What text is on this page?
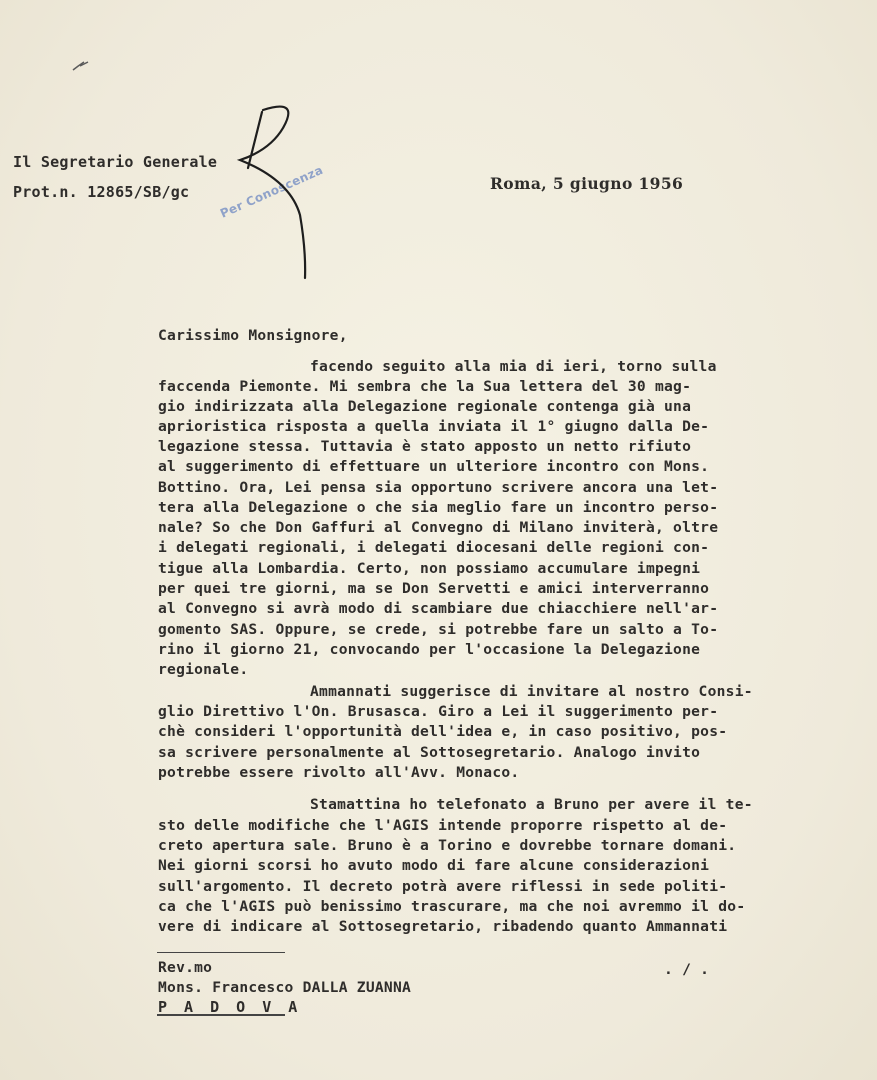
Il Segretario Generale
Prot.n. 12865/SB/gc	Roma, 5 giugno 1956
Per Conoscenza
Carissimo Monsignore,
facendo seguito alla mia di ieri, torno sulla
faccenda Piemonte. Mi sembra che la Sua lettera del 30 mag-
gio indirizzata alla Delegazione regionale contenga già una
aprioristica risposta a quella inviata il 1° giugno dalla De-
legazione stessa. Tuttavia è stato apposto un netto rifiuto
al suggerimento di effettuare un ulteriore incontro con Mons.
Bottino. Ora, Lei pensa sia opportuno scrivere ancora una let-
tera alla Delegazione o che sia meglio fare un incontro perso-
nale? So che Don Gaffuri al Convegno di Milano inviterà, oltre
i delegati regionali, i delegati diocesani delle regioni con-
tigue alla Lombardia. Certo, non possiamo accumulare impegni
per quei tre giorni, ma se Don Servetti e amici interverranno
al Convegno si avrà modo di scambiare due chiacchiere nell'ar-
gomento SAS. Oppure, se crede, si potrebbe fare un salto a To-
rino il giorno 21, convocando per l'occasione la Delegazione
regionale.
Ammannati suggerisce di invitare al nostro Consi-
glio Direttivo l'On. Brusasca. Giro a Lei il suggerimento per-
chè consideri l'opportunità dell'idea e, in caso positivo, pos-
sa scrivere personalmente al Sottosegretario. Analogo invito
potrebbe essere rivolto all'Avv. Monaco.
Stamattina ho telefonato a Bruno per avere il te-
sto delle modifiche che l'AGIS intende proporre rispetto al de-
creto apertura sale. Bruno è a Torino e dovrebbe tornare domani.
Nei giorni scorsi ho avuto modo di fare alcune considerazioni
sull'argomento. Il decreto potrà avere riflessi in sede politi-
ca che l'AGIS può benissimo trascurare, ma che noi avremmo il do-
vere di indicare al Sottosegretario, ribadendo quanto Ammannati
Rev.mo
Mons. Francesco DALLA ZUANNA
P A D O V A
. / .
